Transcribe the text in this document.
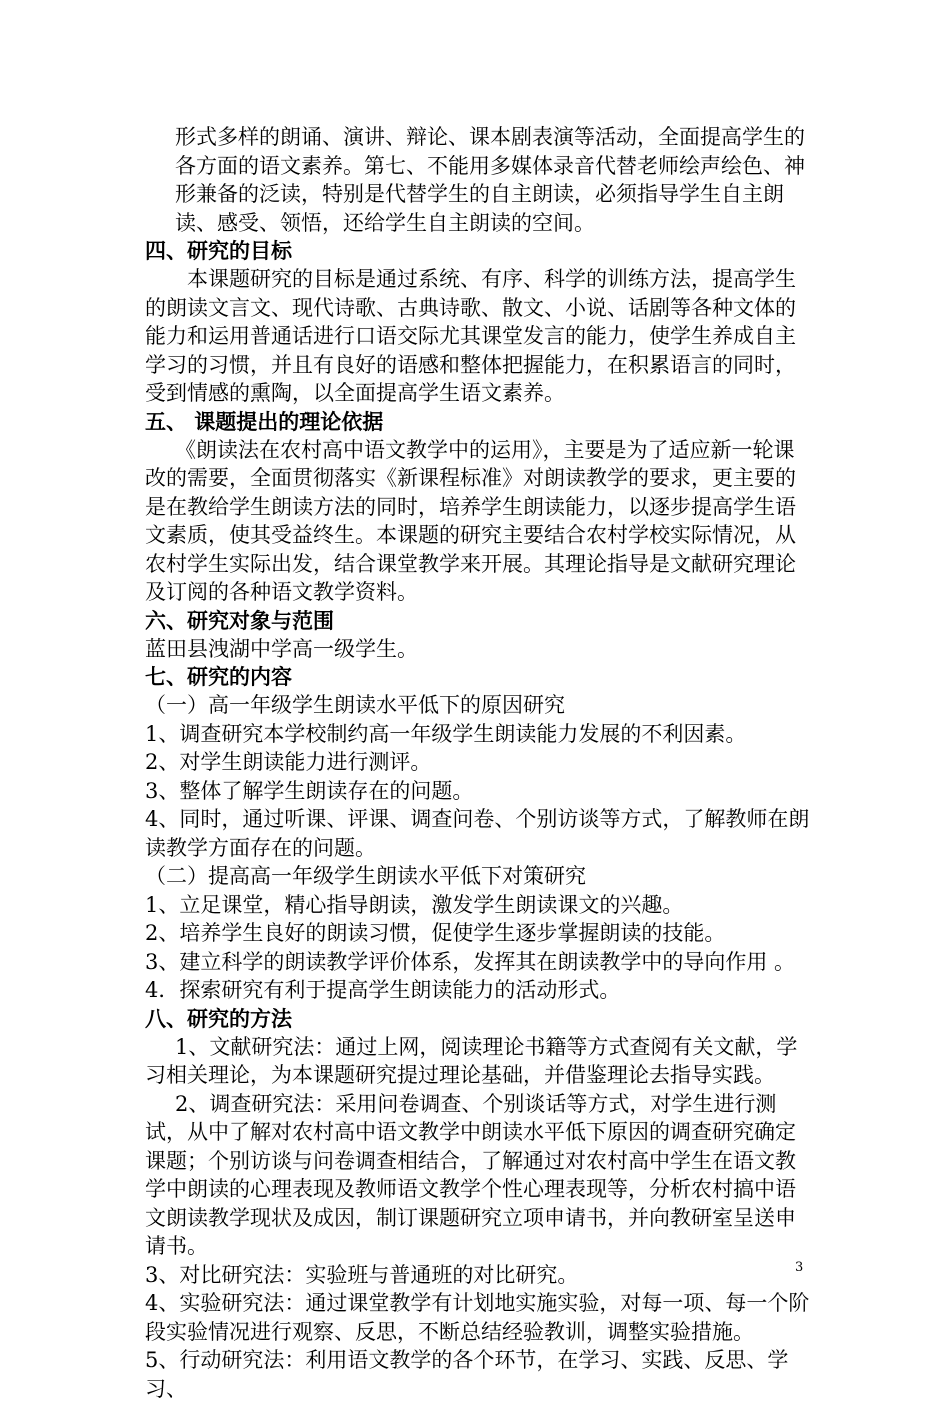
形式多样的朗诵、演讲、辩论、课本剧表演等活动，全面提高学生的各方面的语文素养。第七、不能用多媒体录音代替老师绘声绘色、神形兼备的泛读，特别是代替学生的自主朗读，必须指导学生自主朗读、感受、领悟，还给学生自主朗读的空间。

四、研究的目标

本课题研究的目标是通过系统、有序、科学的训练方法，提高学生的朗读文言文、现代诗歌、古典诗歌、散文、小说、话剧等各种文体的能力和运用普通话进行口语交际尤其课堂发言的能力，使学生养成自主学习的习惯，并且有良好的语感和整体把握能力，在积累语言的同时，受到情感的熏陶，以全面提高学生语文素养。

五、 课题提出的理论依据

《朗读法在农村高中语文教学中的运用》，主要是为了适应新一轮课改的需要，全面贯彻落实《新课程标准》对朗读教学的要求，更主要的是在教给学生朗读方法的同时，培养学生朗读能力，以逐步提高学生语文素质，使其受益终生。本课题的研究主要结合农村学校实际情况，从农村学生实际出发，结合课堂教学来开展。其理论指导是文献研究理论及订阅的各种语文教学资料。

六、研究对象与范围

蓝田县洩湖中学高一级学生。

七、研究的内容

（一）高一年级学生朗读水平低下的原因研究

1、调查研究本学校制约高一年级学生朗读能力发展的不利因素。

2、对学生朗读能力进行测评。

3、整体了解学生朗读存在的问题。

4、同时，通过听课、评课、调查问卷、个别访谈等方式，了解教师在朗读教学方面存在的问题。

（二）提高高一年级学生朗读水平低下对策研究

1、立足课堂，精心指导朗读，激发学生朗读课文的兴趣。

2、培养学生良好的朗读习惯，促使学生逐步掌握朗读的技能。

3、建立科学的朗读教学评价体系，发挥其在朗读教学中的导向作用 。

4．探索研究有利于提高学生朗读能力的活动形式。

八、研究的方法

1、文献研究法：通过上网，阅读理论书籍等方式查阅有关文献，学习相关理论，为本课题研究提过理论基础，并借鉴理论去指导实践。

2、调查研究法：采用问卷调查、个别谈话等方式，对学生进行测试，从中了解对农村高中语文教学中朗读水平低下原因的调查研究确定课题；个别访谈与问卷调查相结合，了解通过对农村高中学生在语文教学中朗读的心理表现及教师语文教学个性心理表现等，分析农村搞中语文朗读教学现状及成因，制订课题研究立项申请书，并向教研室呈送申请书。

3、对比研究法：实验班与普通班的对比研究。

4、实验研究法：通过课堂教学有计划地实施实验，对每一项、每一个阶段实验情况进行观察、反思，不断总结经验教训，调整实验措施。

5、行动研究法：利用语文教学的各个环节，在学习、实践、反思、学习、

3
